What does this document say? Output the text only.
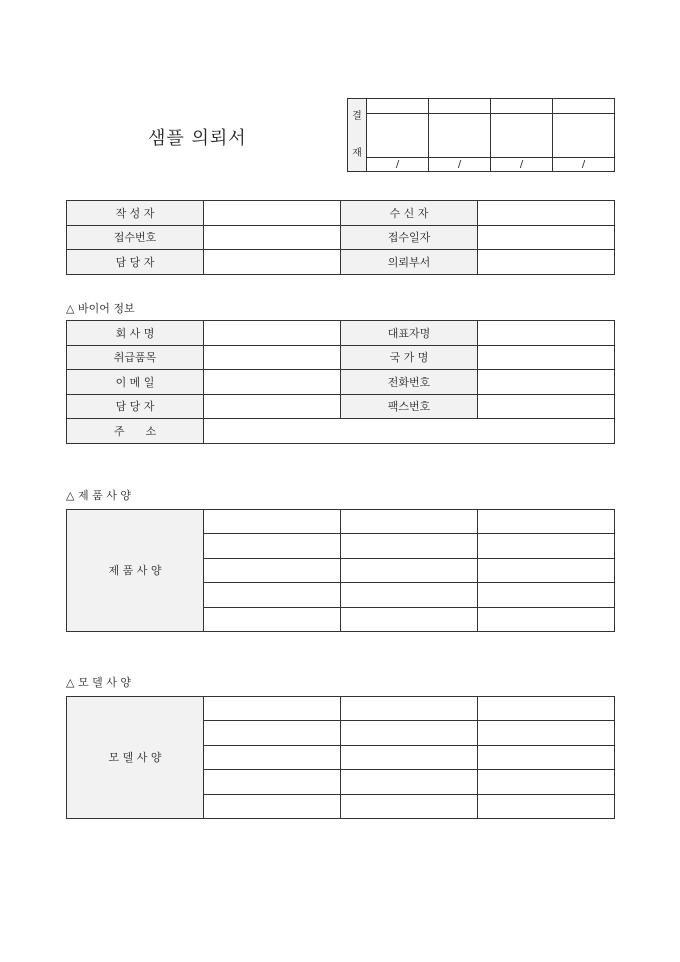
샘플 의뢰서
결
재				

	/	/	/	/
작 성 자		수 신 자	
접수번호		접수일자	
담 당 자		의뢰부서	
△ 바이어 정보
회 사 명		대표자명	
취급품목		국 가 명	
이 메 일		전화번호	
담 당 자		팩스번호	
주      소			
△ 제 품 사 양
제 품 사 양			

△ 모 델 사 양
모 델 사 양			
